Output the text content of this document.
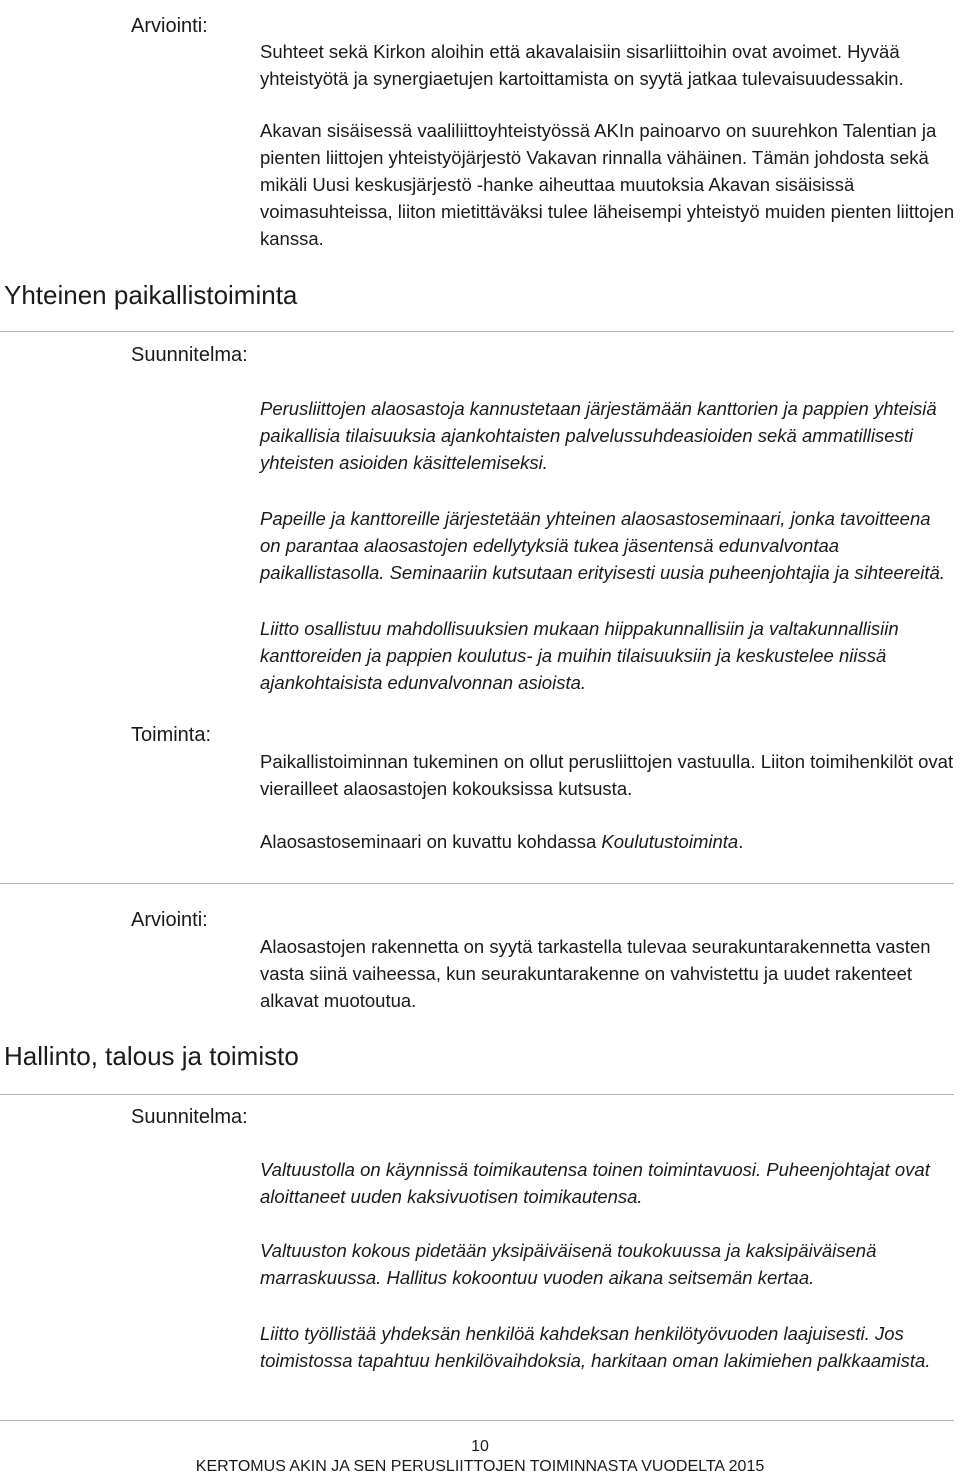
Arviointi:

Suhteet sekä Kirkon aloihin että akavalaisiin sisarliittoihin ovat avoimet. Hyvää yhteistyötä ja synergiaetujen kartoittamista on syytä jatkaa tulevaisuudessakin.

Akavan sisäisessä vaaliliittoyhteistyössä AKIn painoarvo on suurehkon Talentian ja pienten liittojen yhteistyöjärjestö Vakavan rinnalla vähäinen. Tämän johdosta sekä mikäli Uusi keskusjärjestö -hanke aiheuttaa muutoksia Akavan sisäisissä voimasuhteissa, liiton mietittäväksi tulee läheisempi yhteistyö muiden pienten liittojen kanssa.

Yhteinen paikallistoiminta
Suunnitelma:

Perusliittojen alaosastoja kannustetaan järjestämään kanttorien ja pappien yhteisiä paikallisia tilaisuuksia ajankohtaisten palvelussuhdeasioiden sekä ammatillisesti yhteisten asioiden käsittelemiseksi.

Papeille ja kanttoreille järjestetään yhteinen alaosastoseminaari, jonka tavoitteena on parantaa alaosastojen edellytyksiä tukea jäsentensä edunvalvontaa paikallistasolla. Seminaariin kutsutaan erityisesti uusia puheenjohtajia ja sihteereitä.

Liitto osallistuu mahdollisuuksien mukaan hiippakunnallisiin ja valtakunnallisiin kanttoreiden ja pappien koulutus- ja muihin tilaisuuksiin ja keskustelee niissä ajankohtaisista edunvalvonnan asioista.

Toiminta:

Paikallistoiminnan tukeminen on ollut perusliittojen vastuulla. Liiton toimihenkilöt ovat vierailleet alaosastojen kokouksissa kutsusta.

Alaosastoseminaari on kuvattu kohdassa Koulutustoiminta.

Arviointi:

Alaosastojen rakennetta on syytä tarkastella tulevaa seurakuntarakennetta vasten vasta siinä vaiheessa, kun seurakuntarakenne on vahvistettu ja uudet rakenteet alkavat muotoutua.

Hallinto, talous ja toimisto
Suunnitelma:

Valtuustolla on käynnissä toimikautensa toinen toimintavuosi. Puheenjohtajat ovat aloittaneet uuden kaksivuotisen toimikautensa.

Valtuuston kokous pidetään yksipäiväisenä toukokuussa ja kaksipäiväisenä marraskuussa. Hallitus kokoontuu vuoden aikana seitsemän kertaa.

Liitto työllistää yhdeksän henkilöä kahdeksan henkilötyövuoden laajuisesti. Jos toimistossa tapahtuu henkilövaihdoksia, harkitaan oman lakimiehen palkkaamista.

10
KERTOMUS AKIN JA SEN PERUSLIITTOJEN TOIMINNASTA VUODELTA 2015
